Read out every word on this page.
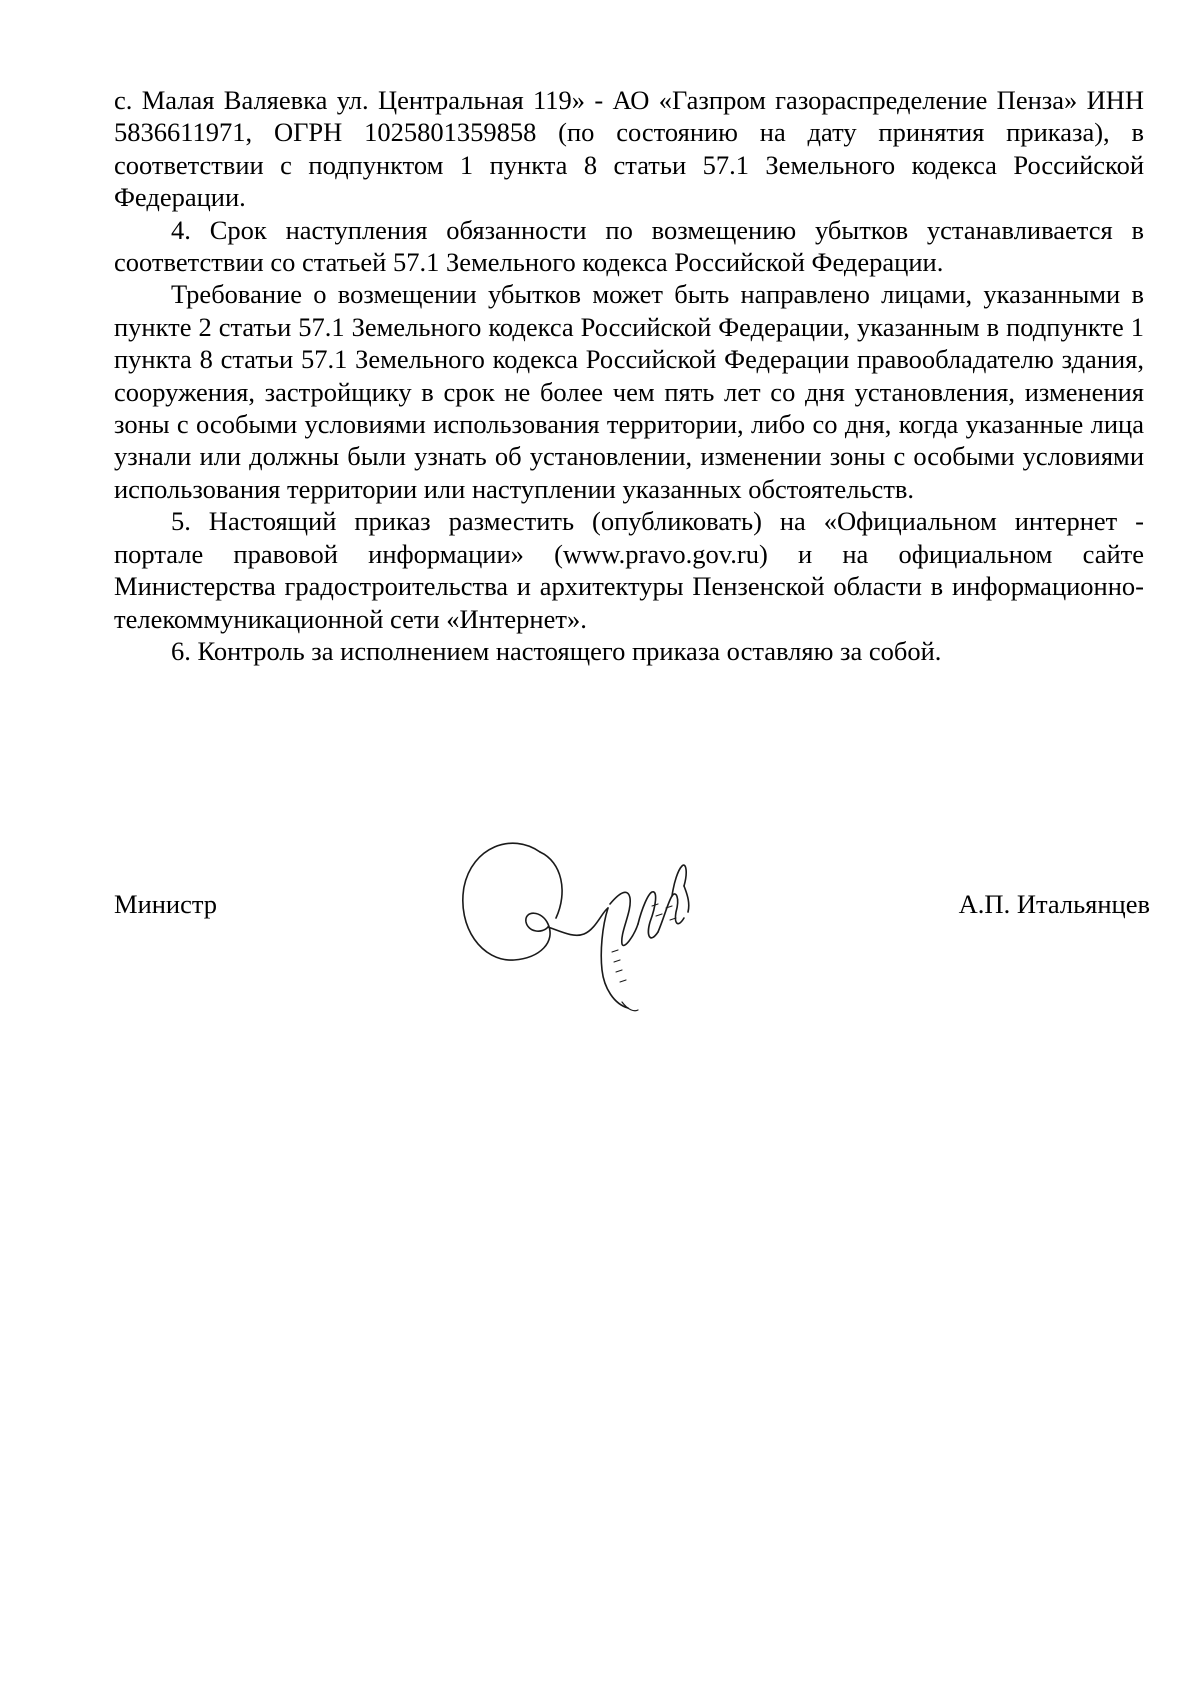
с. Малая Валяевка ул. Центральная 119» - АО «Газпром газораспределение Пенза» ИНН 5836611971, ОГРН 1025801359858 (по состоянию на дату принятия приказа), в соответствии с подпунктом 1 пункта 8 статьи 57.1 Земельного кодекса Российской Федерации.

4. Срок наступления обязанности по возмещению убытков устанавливается в соответствии со статьей 57.1 Земельного кодекса Российской Федерации.

Требование о возмещении убытков может быть направлено лицами, указанными в пункте 2 статьи 57.1 Земельного кодекса Российской Федерации, указанным в подпункте 1 пункта 8 статьи 57.1 Земельного кодекса Российской Федерации правообладателю здания, сооружения, застройщику в срок не более чем пять лет со дня установления, изменения зоны с особыми условиями использования территории, либо со дня, когда указанные лица узнали или должны были узнать об установлении, изменении зоны с особыми условиями использования территории или наступлении указанных обстоятельств.

5. Настоящий приказ разместить (опубликовать) на «Официальном интернет - портале правовой информации» (www.pravo.gov.ru) и на официальном сайте Министерства градостроительства и архитектуры Пензенской области в информационно-телекоммуникационной сети «Интернет».

6. Контроль за исполнением настоящего приказа оставляю за собой.

Министр	А.П. Итальянцев
